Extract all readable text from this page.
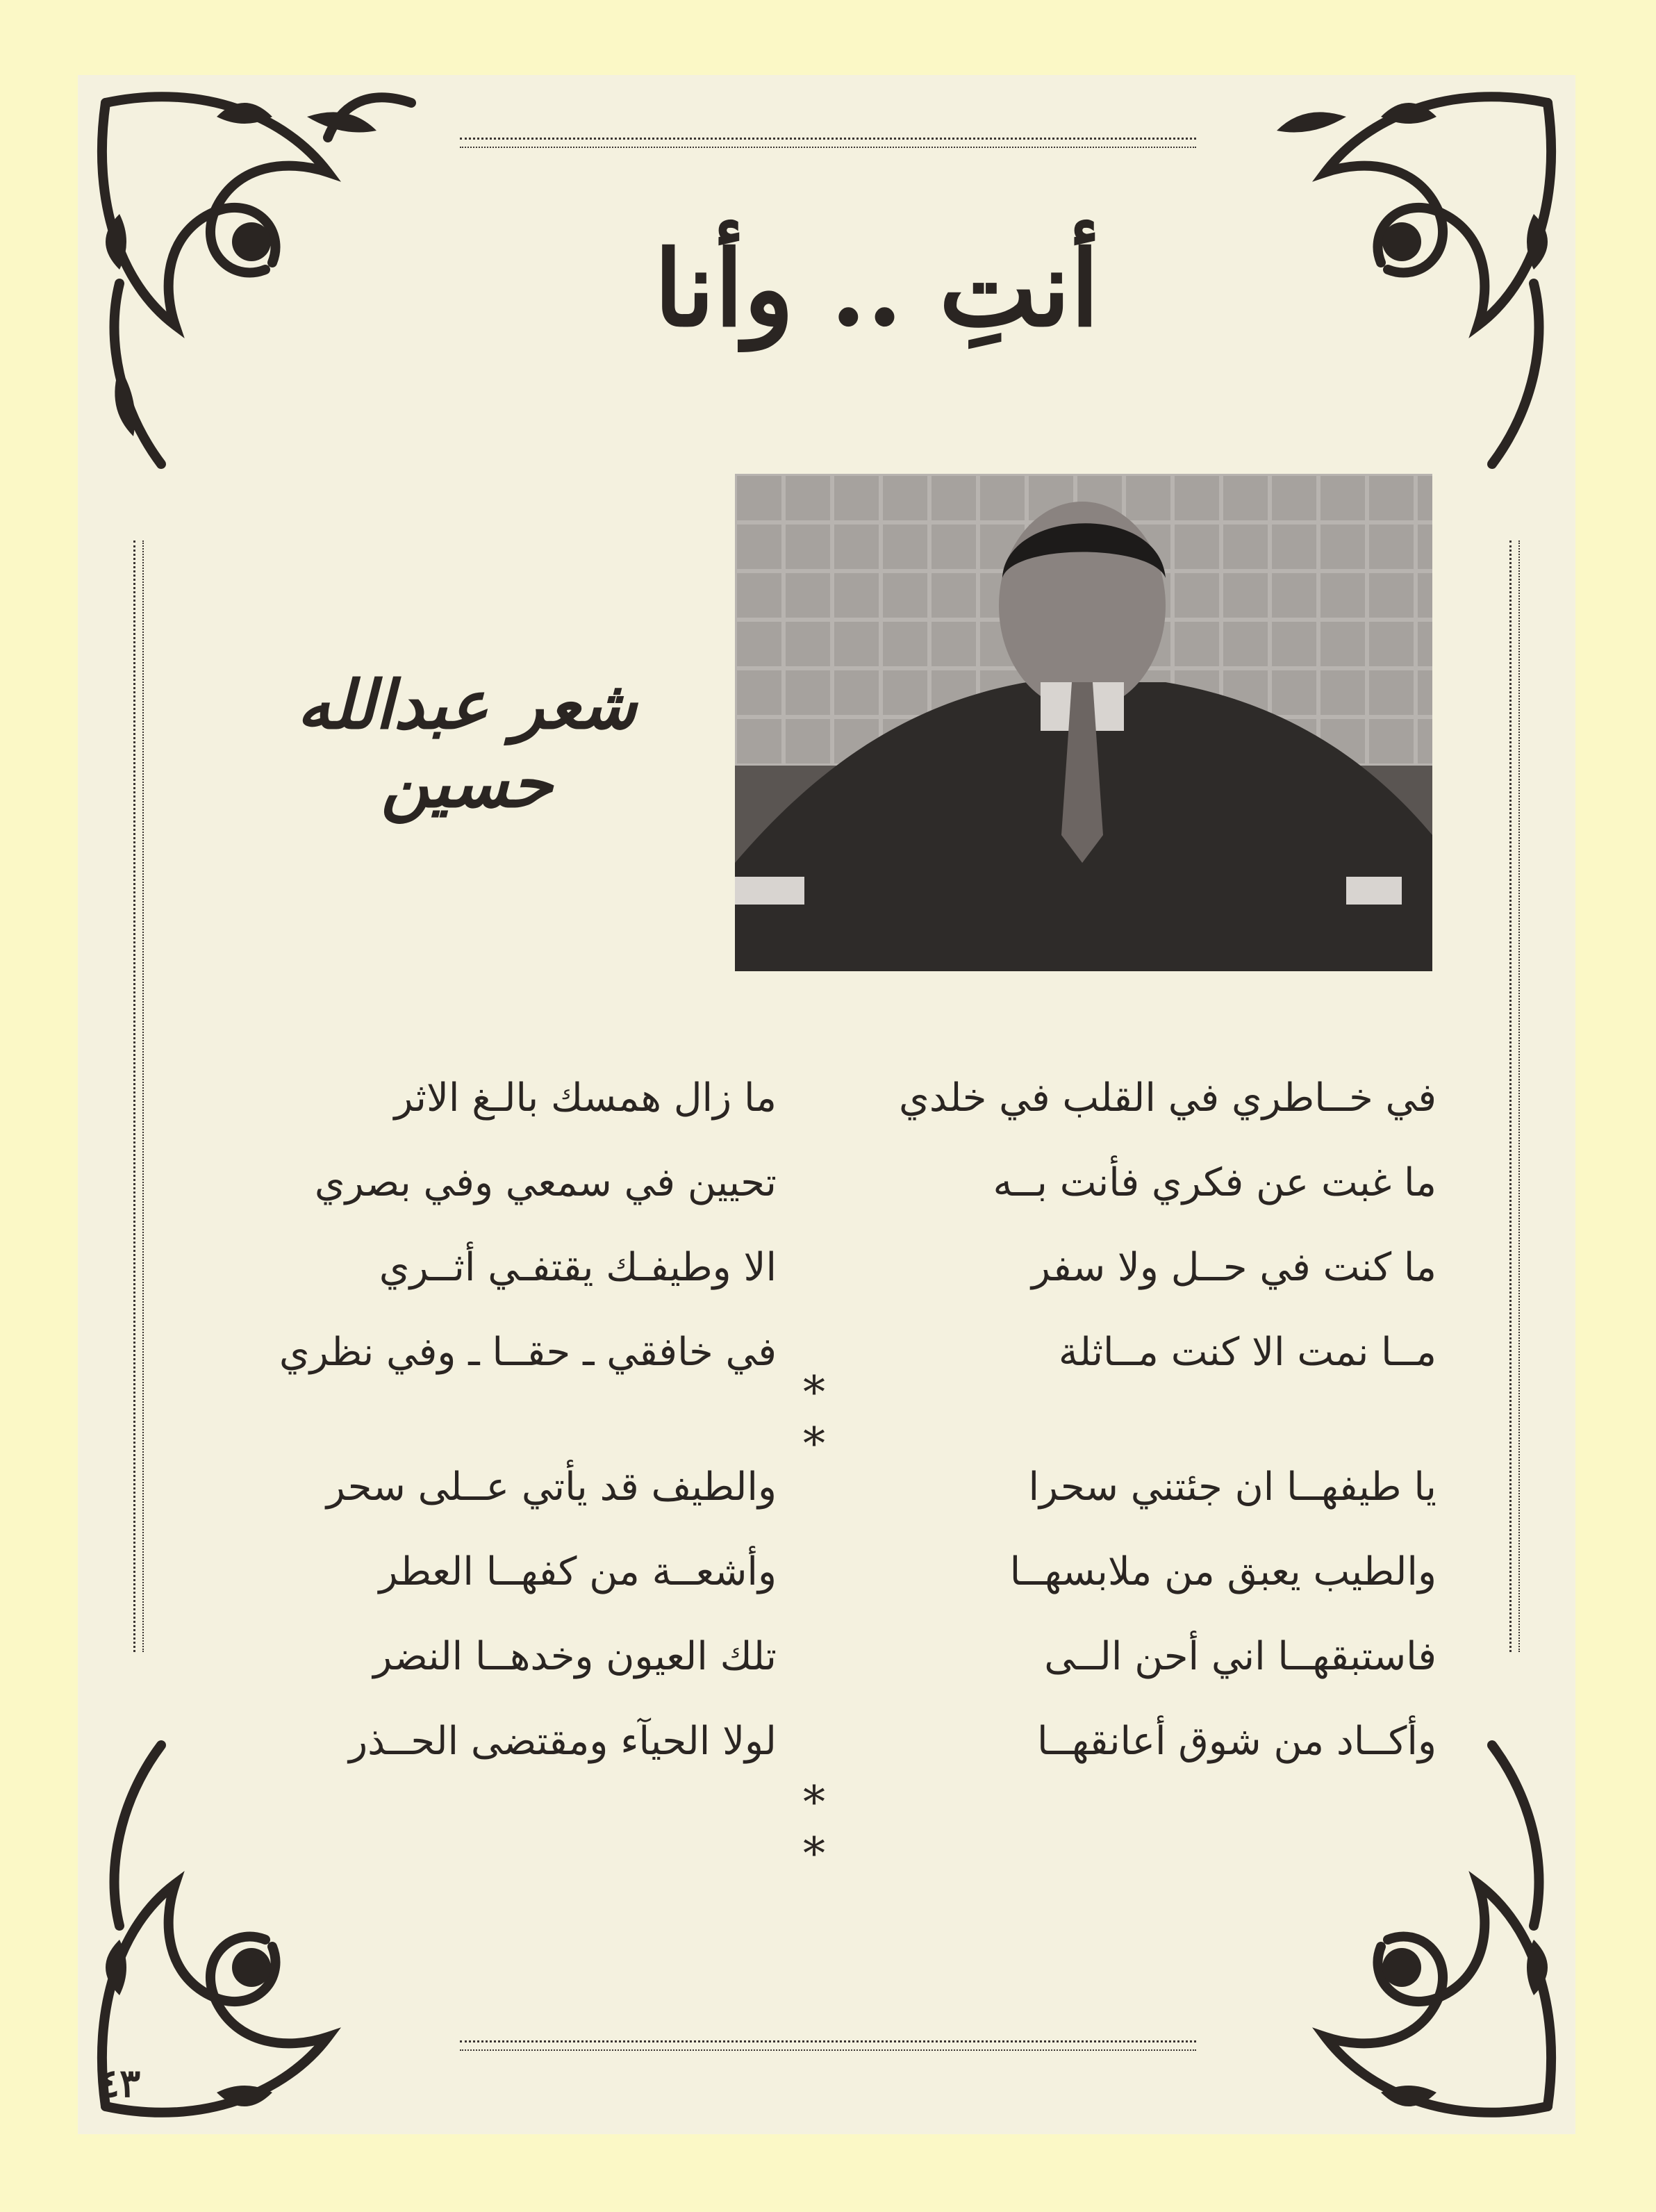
أنتِ .. وأنا
شعر عبدالله حسين
في خــاطري في القلب في خلدي
ما غبت عن فكري فأنت بــه
ما كنت في حــل ولا سفر
مــا نمت الا كنت مــاثلة
ما زال همسك بالـغ الاثر
تحيين في سمعي وفي بصري
الا وطيفـك يقتفـي أثــري
في خافقي ـ حقــا ـ وفي نظري
* *
يا طيفهــا ان جئتني سحرا
والطيب يعبق من ملابسهــا
فاستبقهــا اني أحن الــى
وأكــاد من شوق أعانقهــا
والطيف قد يأتي عــلى سحر
وأشعــة من كفهــا العطر
تلك العيون وخدهــا النضر
لولا الحيآء ومقتضى الحــذر
* *
٤٣
